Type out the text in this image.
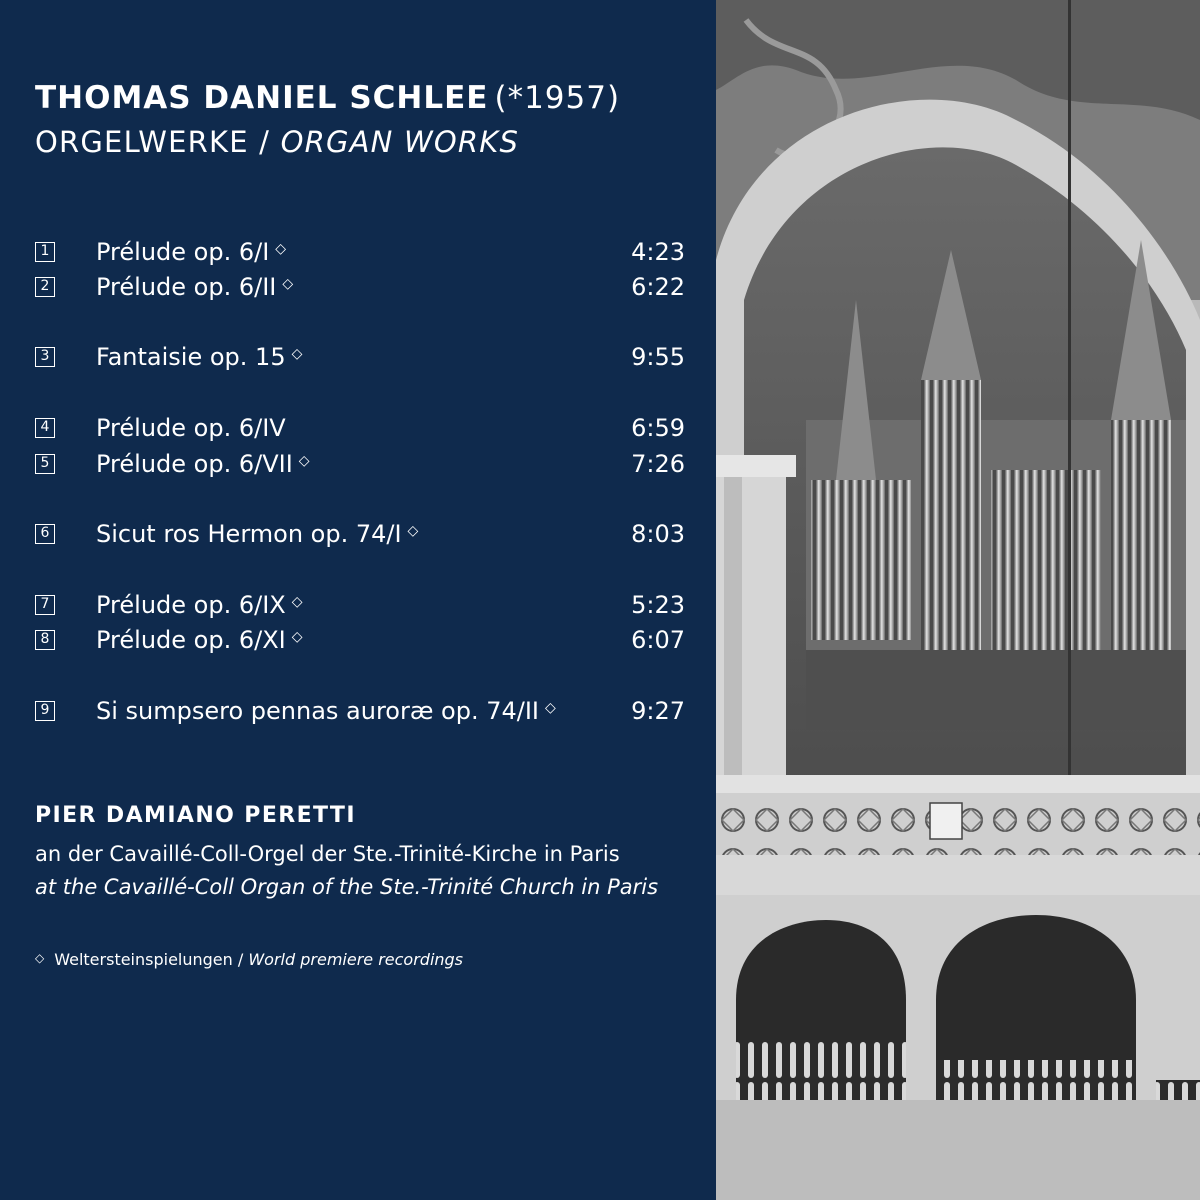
THOMAS DANIEL SCHLEE (*1957)
ORGELWERKE / ORGAN WORKS
1 Prélude op. 6/I ◇	4:23
2 Prélude op. 6/II ◇	6:22
3 Fantaisie op. 15 ◇	9:55
4 Prélude op. 6/IV	6:59
5 Prélude op. 6/VII ◇	7:26
6 Sicut ros Hermon op. 74/I ◇	8:03
7 Prélude op. 6/IX ◇	5:23
8 Prélude op. 6/XI ◇	6:07
9 Si sumpsero pennas auroræ op. 74/II ◇	9:27
PIER DAMIANO PERETTI
an der Cavaillé-Coll-Orgel der Ste.-Trinité-Kirche in Paris
at the Cavaillé-Coll Organ of the Ste.-Trinité Church in Paris
◇ Weltersteinspielungen / World premiere recordings
